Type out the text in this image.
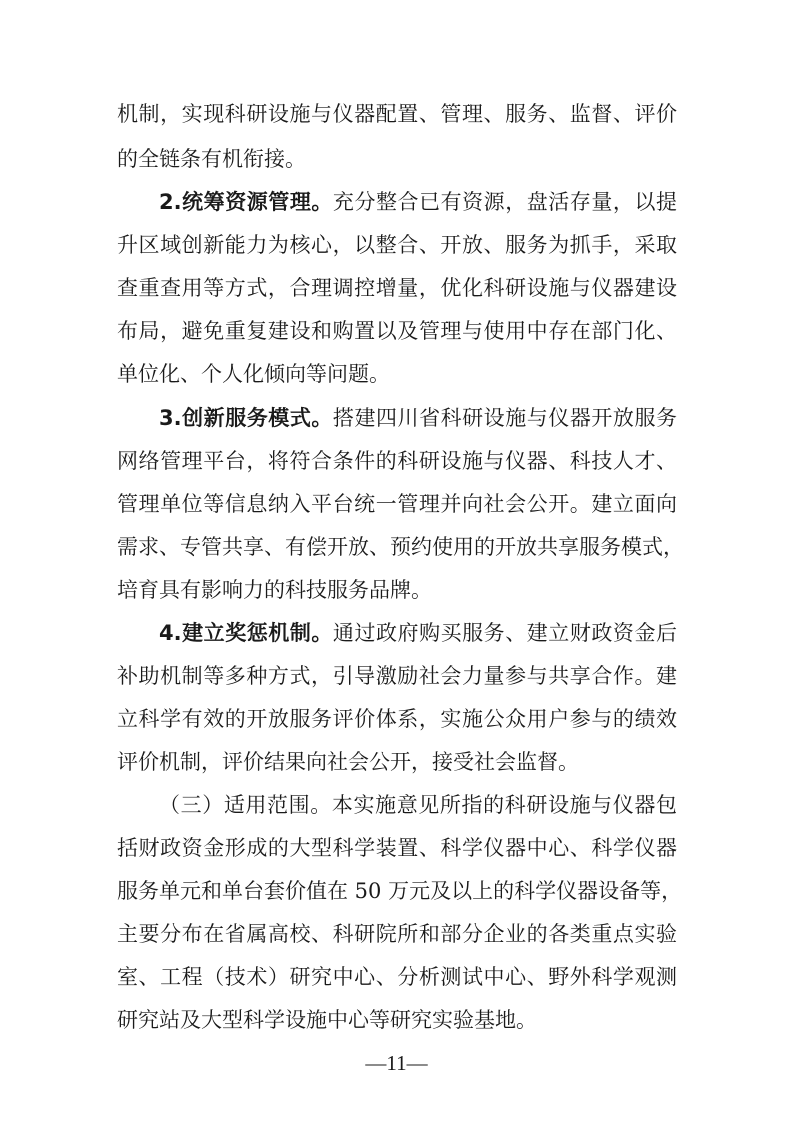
机制，实现科研设施与仪器配置、管理、服务、监督、评价
的全链条有机衔接。
2.统筹资源管理。充分整合已有资源，盘活存量，以提
升区域创新能力为核心，以整合、开放、服务为抓手，采取
查重查用等方式，合理调控增量，优化科研设施与仪器建设
布局，避免重复建设和购置以及管理与使用中存在部门化、
单位化、个人化倾向等问题。
3.创新服务模式。搭建四川省科研设施与仪器开放服务
网络管理平台，将符合条件的科研设施与仪器、科技人才、
管理单位等信息纳入平台统一管理并向社会公开。建立面向
需求、专管共享、有偿开放、预约使用的开放共享服务模式，
培育具有影响力的科技服务品牌。
4.建立奖惩机制。通过政府购买服务、建立财政资金后
补助机制等多种方式，引导激励社会力量参与共享合作。建
立科学有效的开放服务评价体系，实施公众用户参与的绩效
评价机制，评价结果向社会公开，接受社会监督。
（三）适用范围。本实施意见所指的科研设施与仪器包
括财政资金形成的大型科学装置、科学仪器中心、科学仪器
服务单元和单台套价值在 50 万元及以上的科学仪器设备等，
主要分布在省属高校、科研院所和部分企业的各类重点实验
室、工程（技术）研究中心、分析测试中心、野外科学观测
研究站及大型科学设施中心等研究实验基地。
—11—
